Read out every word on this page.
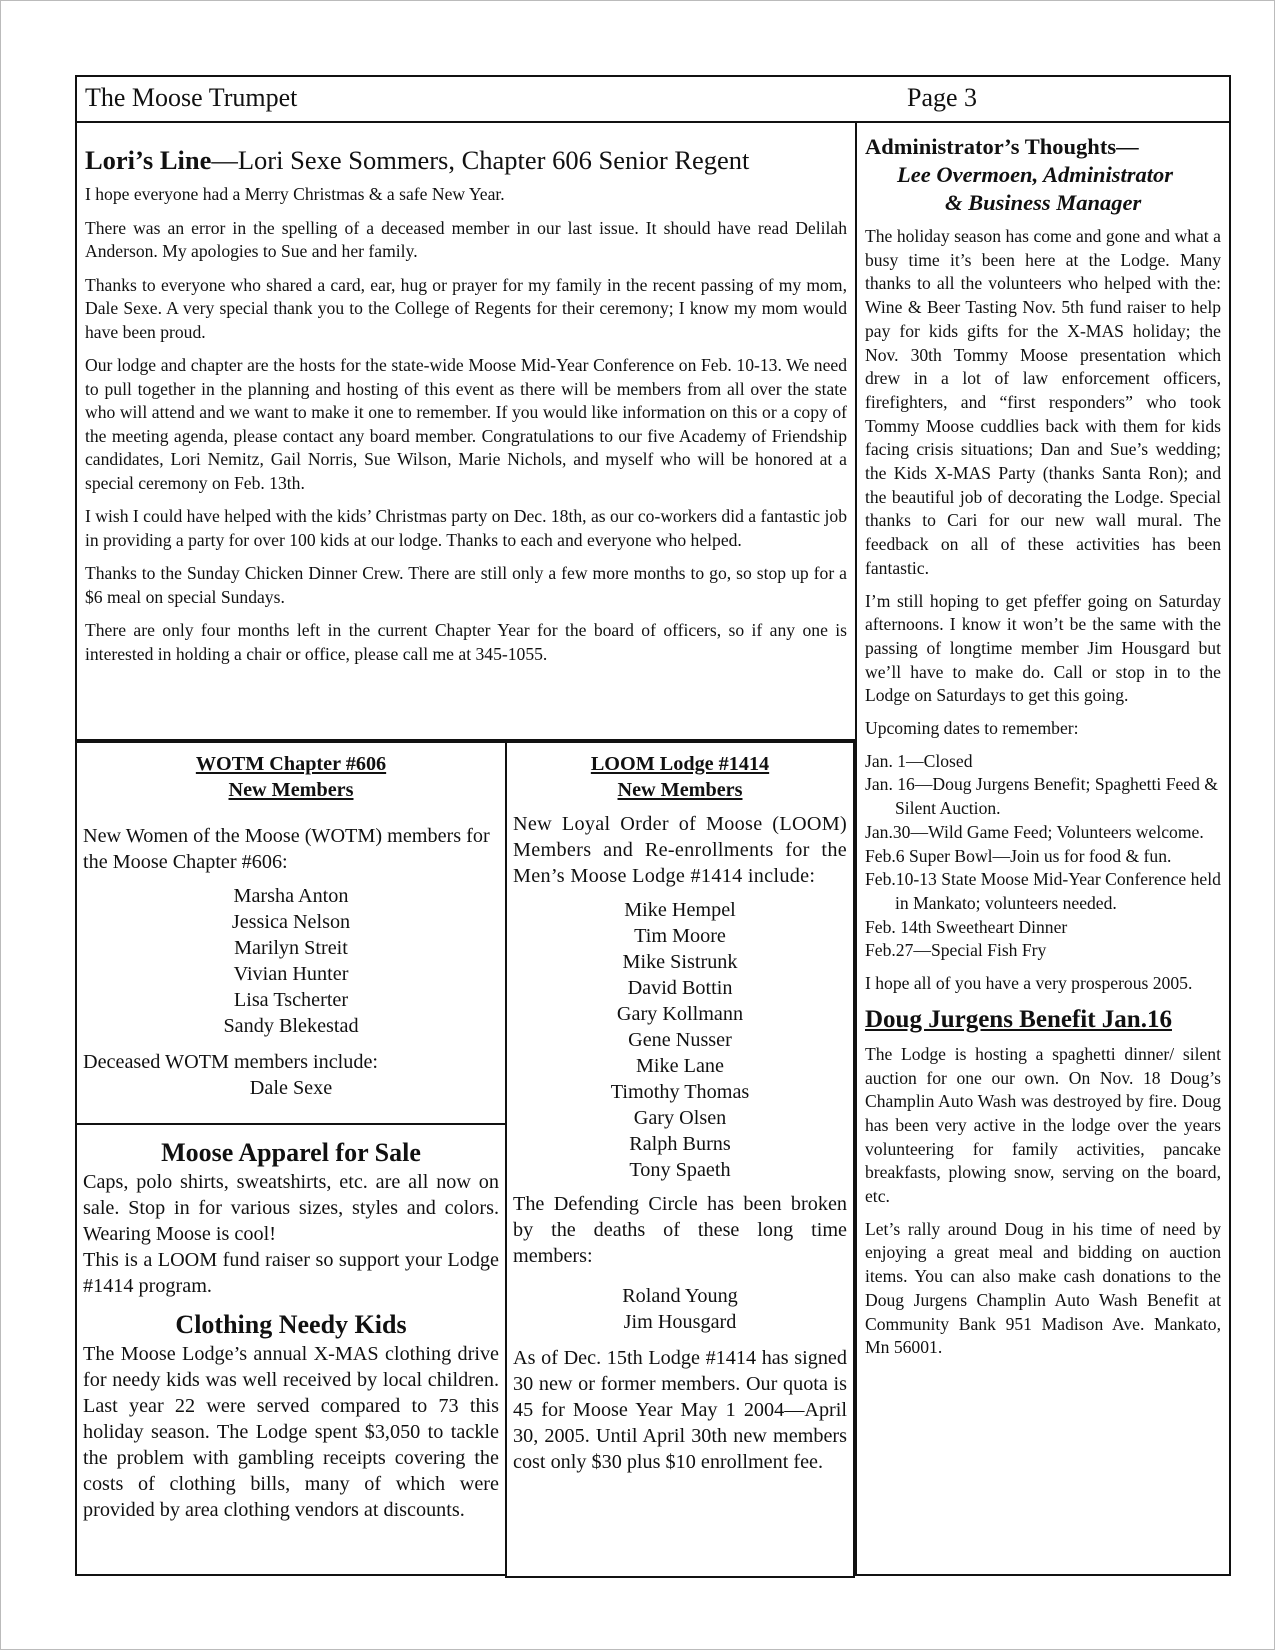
The Moose Trumpet	Page 3
Lori’s Line—Lori Sexe Sommers, Chapter 606 Senior Regent

I hope everyone had a Merry Christmas & a safe New Year.

There was an error in the spelling of a deceased member in our last issue. It should have read Delilah Anderson. My apologies to Sue and her family.

Thanks to everyone who shared a card, ear, hug or prayer for my family in the recent passing of my mom, Dale Sexe. A very special thank you to the College of Regents for their ceremony; I know my mom would have been proud.

Our lodge and chapter are the hosts for the state-wide Moose Mid-Year Conference on Feb. 10-13. We need to pull together in the planning and hosting of this event as there will be members from all over the state who will attend and we want to make it one to remember. If you would like information on this or a copy of the meeting agenda, please contact any board member. Congratulations to our five Academy of Friendship candidates, Lori Nemitz, Gail Norris, Sue Wilson, Marie Nichols, and myself who will be honored at a special ceremony on Feb. 13th.

I wish I could have helped with the kids’ Christmas party on Dec. 18th, as our co-workers did a fantastic job in providing a party for over 100 kids at our lodge. Thanks to each and everyone who helped.

Thanks to the Sunday Chicken Dinner Crew. There are still only a few more months to go, so stop up for a $6 meal on special Sundays.

There are only four months left in the current Chapter Year for the board of officers, so if any one is interested in holding a chair or office, please call me at 345-1055.

Administrator’s Thoughts—
Lee Overmoen, Administrator
& Business Manager

The holiday season has come and gone and what a busy time it’s been here at the Lodge. Many thanks to all the volunteers who helped with the: Wine & Beer Tasting Nov. 5th fund raiser to help pay for kids gifts for the X-MAS holiday; the Nov. 30th Tommy Moose presentation which drew in a lot of law enforcement officers, firefighters, and “first responders” who took Tommy Moose cuddlies back with them for kids facing crisis situations; Dan and Sue’s wedding; the Kids X-MAS Party (thanks Santa Ron); and the beautiful job of decorating the Lodge. Special thanks to Cari for our new wall mural. The feedback on all of these activities has been fantastic.

I’m still hoping to get pfeffer going on Saturday afternoons. I know it won’t be the same with the passing of longtime member Jim Housgard but we’ll have to make do. Call or stop in to the Lodge on Saturdays to get this going.

Upcoming dates to remember:

Jan. 1—Closed
Jan. 16—Doug Jurgens Benefit; Spaghetti Feed & Silent Auction.
Jan.30—Wild Game Feed; Volunteers welcome.
Feb.6 Super Bowl—Join us for food & fun.
Feb.10-13 State Moose Mid-Year Conference held in Mankato; volunteers needed.
Feb. 14th Sweetheart Dinner
Feb.27—Special Fish Fry

I hope all of you have a very prosperous 2005.

Doug Jurgens Benefit Jan.16

The Lodge is hosting a spaghetti dinner/ silent auction for one our own. On Nov. 18 Doug’s Champlin Auto Wash was destroyed by fire. Doug has been very active in the lodge over the years volunteering for family activities, pancake breakfasts, plowing snow, serving on the board, etc.

Let’s rally around Doug in his time of need by enjoying a great meal and bidding on auction items. You can also make cash donations to the Doug Jurgens Champlin Auto Wash Benefit at Community Bank 951 Madison Ave. Mankato, Mn 56001.

WOTM Chapter #606
New Members

New Women of the Moose (WOTM) members for the Moose Chapter #606:

Marsha Anton
Jessica Nelson
Marilyn Streit
Vivian Hunter
Lisa Tscherter
Sandy Blekestad

Deceased WOTM members include:

Dale Sexe
Moose Apparel for Sale

Caps, polo shirts, sweatshirts, etc. are all now on sale. Stop in for various sizes, styles and colors. Wearing Moose is cool!

This is a LOOM fund raiser so support your Lodge #1414 program.

Clothing Needy Kids

The Moose Lodge’s annual X-MAS clothing drive for needy kids was well received by local children. Last year 22 were served compared to 73 this holiday season. The Lodge spent $3,050 to tackle the problem with gambling receipts covering the costs of clothing bills, many of which were provided by area clothing vendors at discounts.

LOOM Lodge #1414
New Members

New Loyal Order of Moose (LOOM) Members and Re-enrollments for the Men’s Moose Lodge #1414 include:

Mike Hempel
Tim Moore
Mike Sistrunk
David Bottin
Gary Kollmann
Gene Nusser
Mike Lane
Timothy Thomas
Gary Olsen
Ralph Burns
Tony Spaeth

The Defending Circle has been broken by the deaths of these long time members:

Roland Young
Jim Housgard

As of Dec. 15th Lodge #1414 has signed 30 new or former members. Our quota is 45 for Moose Year May 1 2004—April 30, 2005. Until April 30th new members cost only $30 plus $10 enrollment fee.
